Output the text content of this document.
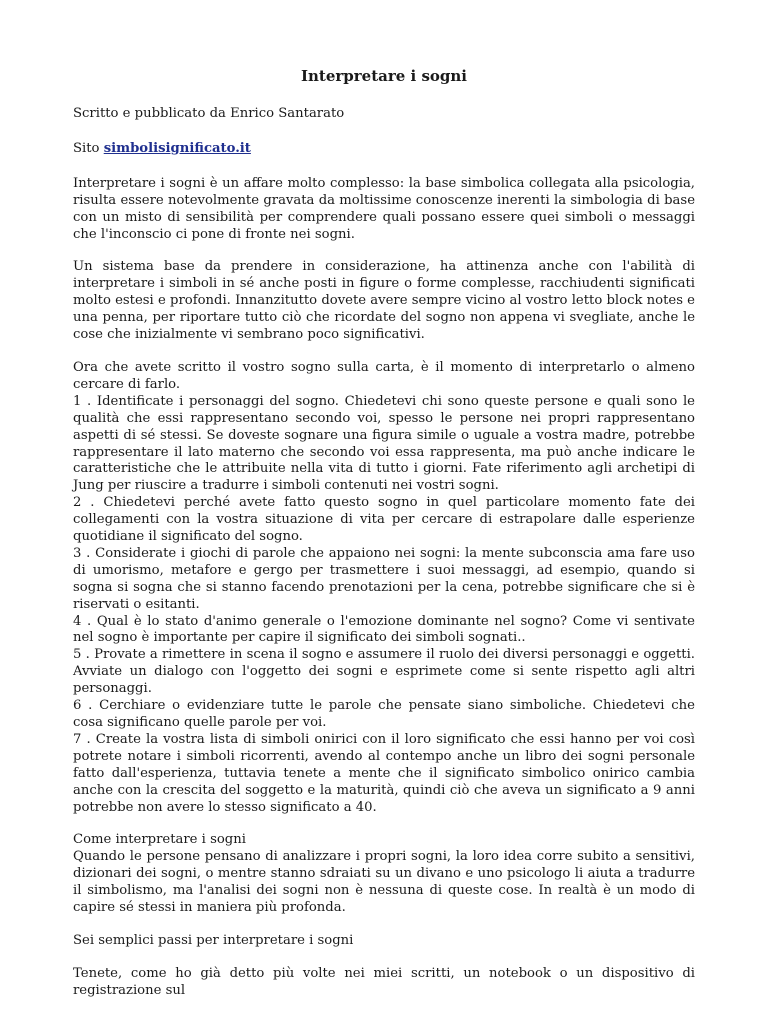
Interpretare i sogni

Scritto e pubblicato da Enrico Santarato

Sito simbolisignificato.it

Interpretare i sogni è un affare molto complesso: la base simbolica collegata alla psicologia, risulta essere notevolmente gravata da moltissime conoscenze inerenti la simbologia di base con un misto di sensibilità per comprendere quali possano essere quei simboli o messaggi che l'inconscio ci pone di fronte nei sogni.

Un sistema base da prendere in considerazione, ha attinenza anche con l'abilità di interpretare i simboli in sé anche posti in figure o forme complesse, racchiudenti significati molto estesi e profondi. Innanzitutto dovete avere sempre vicino al vostro letto block notes e una penna, per riportare tutto ciò che ricordate del sogno non appena vi svegliate, anche le cose che inizialmente vi sembrano poco significativi.

Ora che avete scritto il vostro sogno sulla carta, è il momento di interpretarlo o almeno cercare di farlo.

1 . Identificate i personaggi del sogno. Chiedetevi chi sono queste persone e quali sono le qualità che essi rappresentano secondo voi, spesso le persone nei propri rappresentano aspetti di sé stessi. Se doveste sognare una figura simile o uguale a vostra madre, potrebbe rappresentare il lato materno che secondo voi essa rappresenta, ma può anche indicare le caratteristiche che le attribuite nella vita di tutto i giorni. Fate riferimento agli archetipi di Jung per riuscire a tradurre i simboli contenuti nei vostri sogni.

2 . Chiedetevi perché avete fatto questo sogno in quel particolare momento fate dei collegamenti con la vostra situazione di vita per cercare di estrapolare dalle esperienze quotidiane il significato del sogno.

3 . Considerate i giochi di parole che appaiono nei sogni: la mente subconscia ama fare uso di umorismo, metafore e gergo per trasmettere i suoi messaggi, ad esempio, quando si sogna si sogna che si stanno facendo prenotazioni per la cena, potrebbe significare che si è riservati o esitanti.

4 . Qual è lo stato d'animo generale o l'emozione dominante nel sogno? Come vi sentivate nel sogno è importante per capire il significato dei simboli sognati..

5 . Provate a rimettere in scena il sogno e assumere il ruolo dei diversi personaggi e oggetti. Avviate un dialogo con l'oggetto dei sogni e esprimete come si sente rispetto agli altri personaggi.

6 . Cerchiare o evidenziare tutte le parole che pensate siano simboliche. Chiedetevi che cosa significano quelle parole per voi.

7 . Create la vostra lista di simboli onirici con il loro significato che essi hanno per voi così potrete notare i simboli ricorrenti, avendo al contempo anche un libro dei sogni personale fatto dall'esperienza, tuttavia tenete a mente che il significato simbolico onirico cambia anche con la crescita del soggetto e la maturità, quindi ciò che aveva un significato a 9 anni potrebbe non avere lo stesso significato a 40.

Come interpretare i sogni

Quando le persone pensano di analizzare i propri sogni, la loro idea corre subito a sensitivi, dizionari dei sogni, o mentre stanno sdraiati su un divano e uno psicologo li aiuta a tradurre il simbolismo, ma l'analisi dei sogni non è nessuna di queste cose. In realtà è un modo di capire sé stessi in maniera più profonda.

Sei semplici passi per interpretare i sogni

Tenete, come ho già detto più volte nei miei scritti, un notebook o un dispositivo di registrazione sul
